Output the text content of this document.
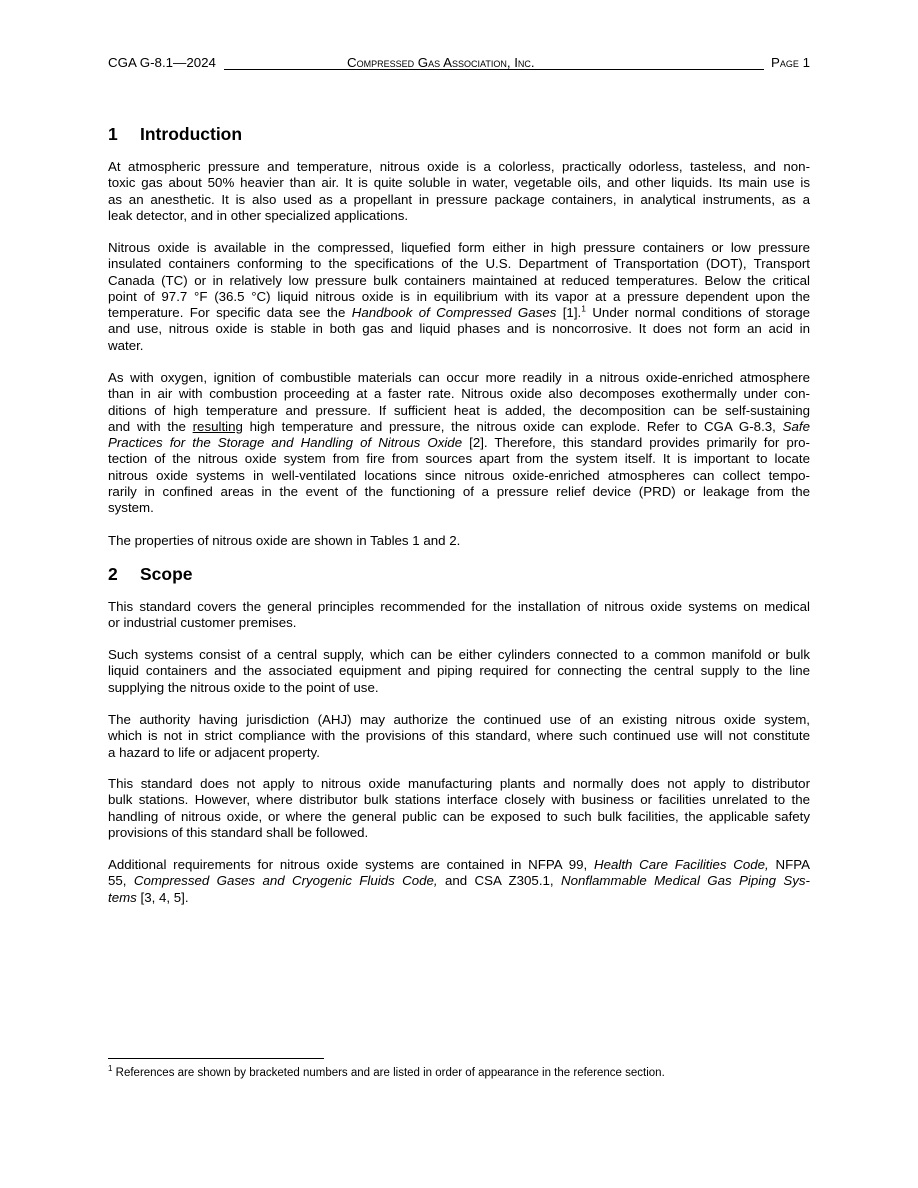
CGA G-8.1—2024	Compressed Gas Association, Inc.	Page 1
1 Introduction

At atmospheric pressure and temperature, nitrous oxide is a colorless, practically odorless, tasteless, and non-
toxic gas about 50% heavier than air. It is quite soluble in water, vegetable oils, and other liquids. Its main use is
as an anesthetic. It is also used as a propellant in pressure package containers, in analytical instruments, as a
leak detector, and in other specialized applications.

Nitrous oxide is available in the compressed, liquefied form either in high pressure containers or low pressure
insulated containers conforming to the specifications of the U.S. Department of Transportation (DOT), Transport
Canada (TC) or in relatively low pressure bulk containers maintained at reduced temperatures. Below the critical
point of 97.7 °F (36.5 °C) liquid nitrous oxide is in equilibrium with its vapor at a pressure dependent upon the
temperature. For specific data see the Handbook of Compressed Gases [1].$^1$ Under normal conditions of storage
and use, nitrous oxide is stable in both gas and liquid phases and is noncorrosive. It does not form an acid in
water.

As with oxygen, ignition of combustible materials can occur more readily in a nitrous oxide-enriched atmosphere
than in air with combustion proceeding at a faster rate. Nitrous oxide also decomposes exothermally under con-
ditions of high temperature and pressure. If sufficient heat is added, the decomposition can be self-sustaining
and with the resulting high temperature and pressure, the nitrous oxide can explode. Refer to CGA G-8.3, Safe
Practices for the Storage and Handling of Nitrous Oxide [2]. Therefore, this standard provides primarily for pro-
tection of the nitrous oxide system from fire from sources apart from the system itself. It is important to locate
nitrous oxide systems in well-ventilated locations since nitrous oxide-enriched atmospheres can collect tempo-
rarily in confined areas in the event of the functioning of a pressure relief device (PRD) or leakage from the
system.

The properties of nitrous oxide are shown in Tables 1 and 2.

2 Scope

This standard covers the general principles recommended for the installation of nitrous oxide systems on medical
or industrial customer premises.

Such systems consist of a central supply, which can be either cylinders connected to a common manifold or bulk
liquid containers and the associated equipment and piping required for connecting the central supply to the line
supplying the nitrous oxide to the point of use.

The authority having jurisdiction (AHJ) may authorize the continued use of an existing nitrous oxide system,
which is not in strict compliance with the provisions of this standard, where such continued use will not constitute
a hazard to life or adjacent property.

This standard does not apply to nitrous oxide manufacturing plants and normally does not apply to distributor
bulk stations. However, where distributor bulk stations interface closely with business or facilities unrelated to the
handling of nitrous oxide, or where the general public can be exposed to such bulk facilities, the applicable safety
provisions of this standard shall be followed.

Additional requirements for nitrous oxide systems are contained in NFPA 99, Health Care Facilities Code, NFPA
55, Compressed Gases and Cryogenic Fluids Code, and CSA Z305.1, Nonflammable Medical Gas Piping Sys-
tems [3, 4, 5].

$^1$ References are shown by bracketed numbers and are listed in order of appearance in the reference section.
